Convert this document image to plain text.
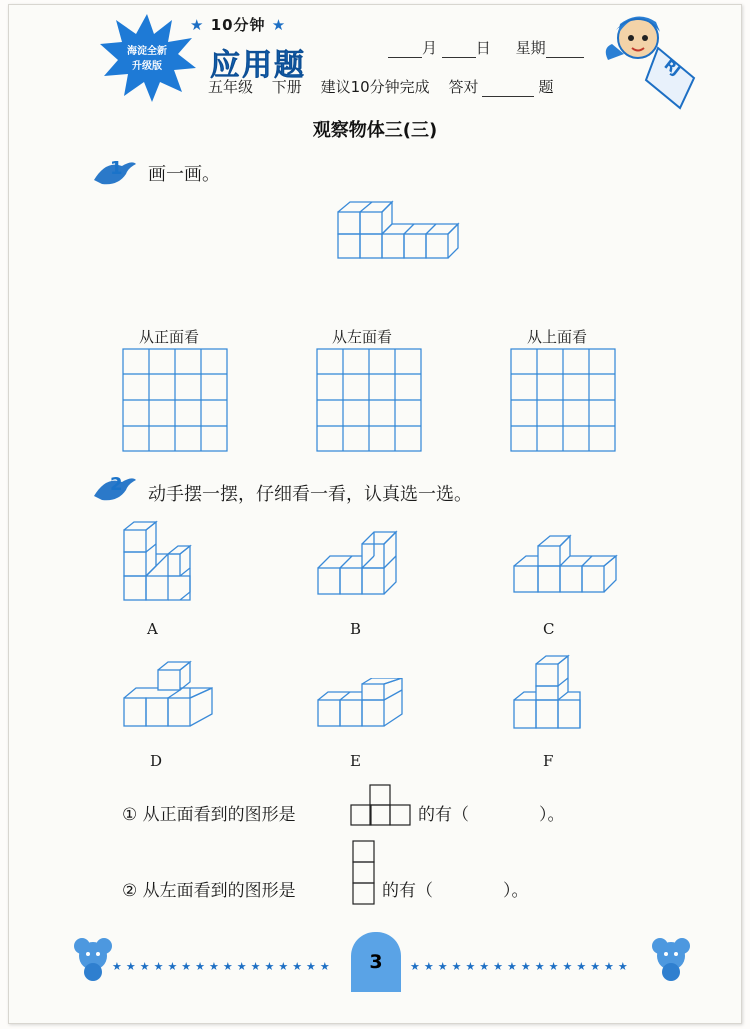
海淀全新
升级版
★ 10分钟 ★
应用题	月	日 星期
五年级 下册 建议10分钟完成 答对	题
RJ
观察物体三(三)
1 画一画。
从正面看	从左面看	从上面看
2 动手摆一摆，仔细看一看，认真选一选。
A	B	C
D	E	F
① 从正面看到的图形是	的有（	）。
② 从左面看到的图形是	的有（	）。
★★★★★★★★★★★★★★★★	3	★★★★★★★★★★★★★★★★
